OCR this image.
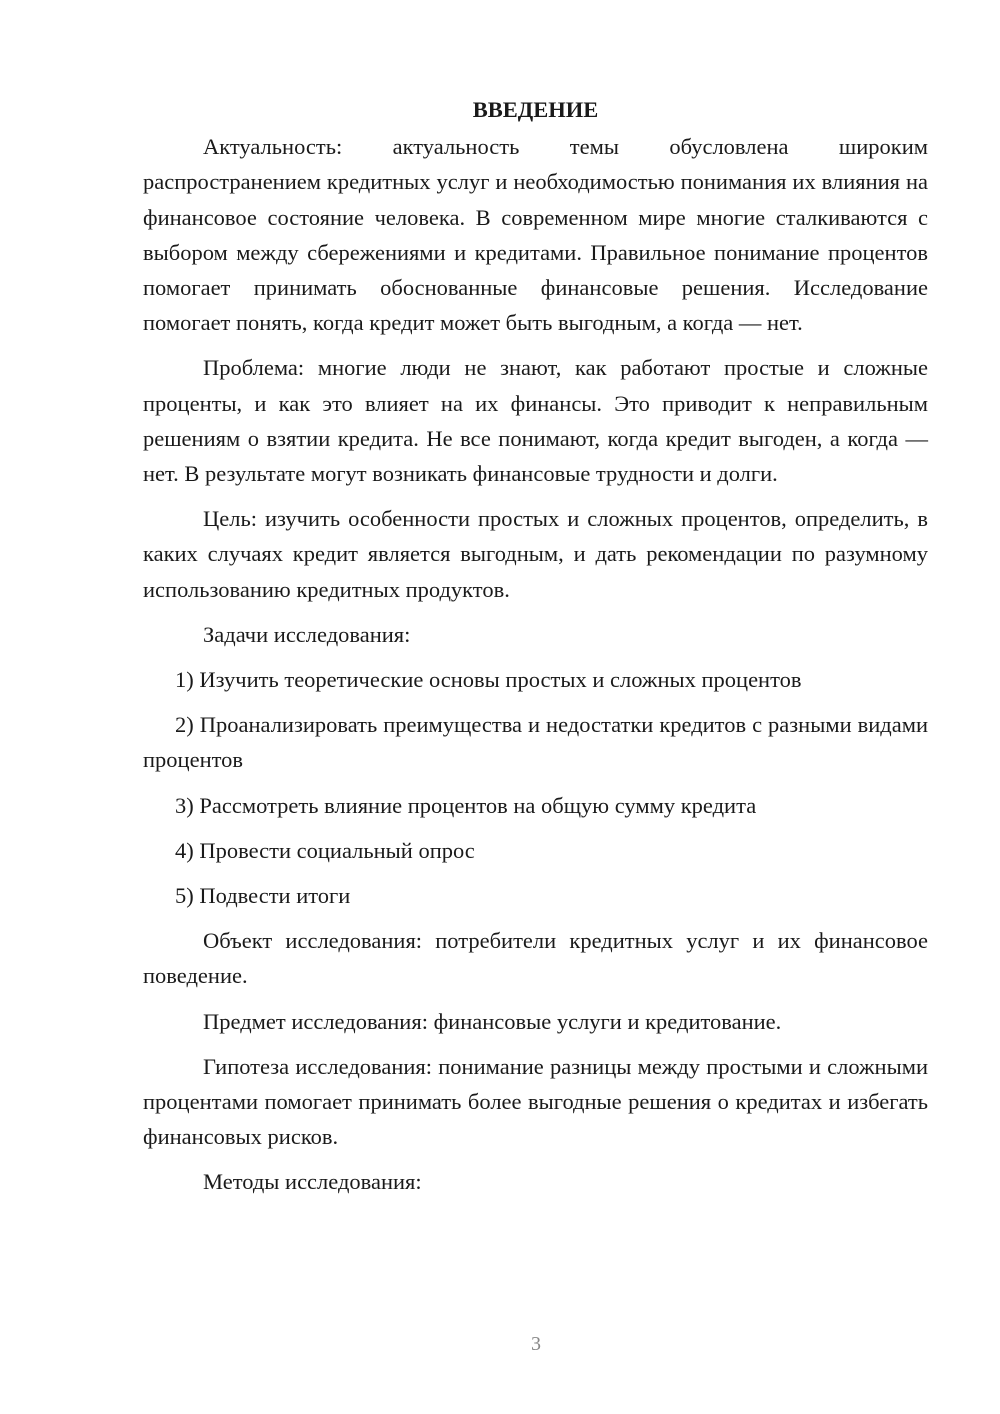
ВВЕДЕНИЕ

Актуальность: актуальность темы обусловлена широким распространением кредитных услуг и необходимостью понимания их влияния на финансовое состояние человека. В современном мире многие сталкиваются с выбором между сбережениями и кредитами. Правильное понимание процентов помогает принимать обоснованные финансовые решения. Исследование помогает понять, когда кредит может быть выгодным, а когда — нет.

Проблема: многие люди не знают, как работают простые и сложные проценты, и как это влияет на их финансы. Это приводит к неправильным решениям о взятии кредита. Не все понимают, когда кредит выгоден, а когда — нет. В результате могут возникать финансовые трудности и долги.

Цель: изучить особенности простых и сложных процентов, определить, в каких случаях кредит является выгодным, и дать рекомендации по разумному использованию кредитных продуктов.

Задачи исследования:

1) Изучить теоретические основы простых и сложных процентов

2) Проанализировать преимущества и недостатки кредитов с разными видами процентов

3) Рассмотреть влияние процентов на общую сумму кредита

4) Провести социальный опрос

5) Подвести итоги

Объект исследования: потребители кредитных услуг и их финансовое поведение.

Предмет исследования: финансовые услуги и кредитование.

Гипотеза исследования: понимание разницы между простыми и сложными процентами помогает принимать более выгодные решения о кредитах и избегать финансовых рисков.

Методы исследования:

3
